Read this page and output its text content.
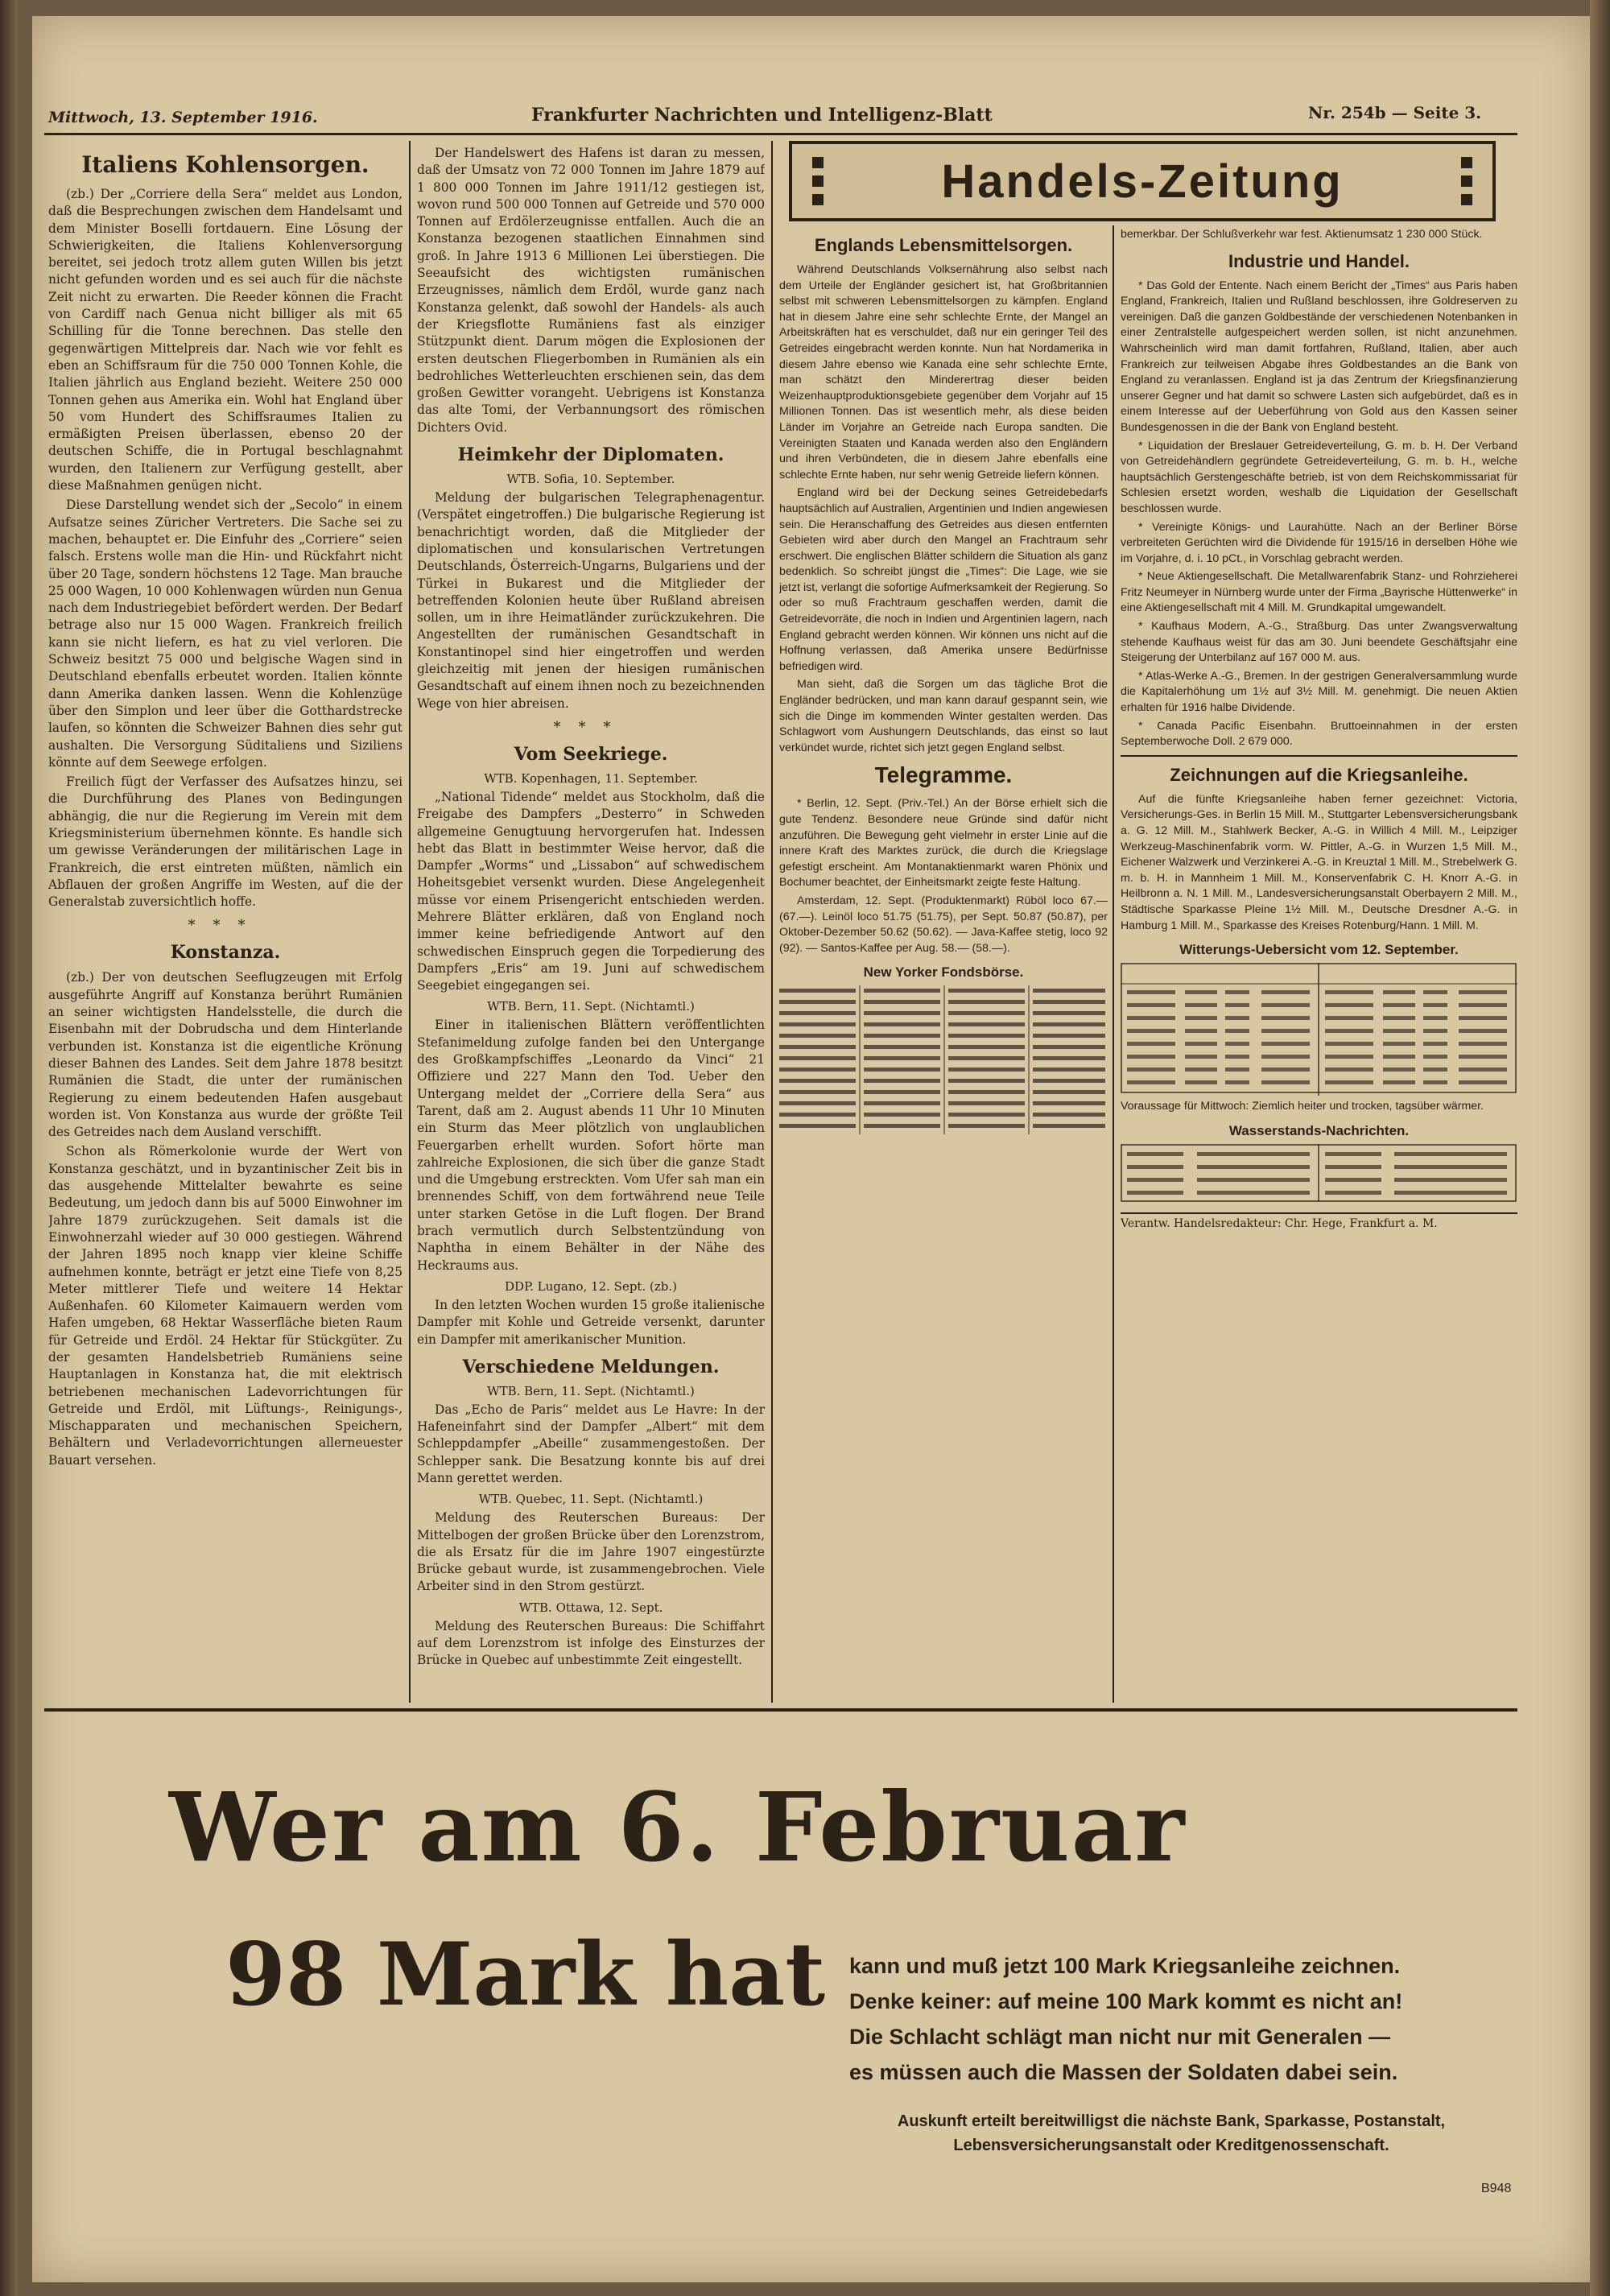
Mittwoch, 13. September 1916.	Frankfurter Nachrichten und Intelligenz-Blatt	Nr. 254b — Seite 3.
Italiens Kohlensorgen.

(zb.) Der „Corriere della Sera“ meldet aus London, daß die Besprechungen zwischen dem Handelsamt und dem Minister Boselli fortdauern. Eine Lösung der Schwierigkeiten, die Italiens Kohlenversorgung bereitet, sei jedoch trotz allem guten Willen bis jetzt nicht gefunden worden und es sei auch für die nächste Zeit nicht zu erwarten. Die Reeder können die Fracht von Cardiff nach Genua nicht billiger als mit 65 Schilling für die Tonne berechnen. Das stelle den gegenwärtigen Mittelpreis dar. Nach wie vor fehlt es eben an Schiffsraum für die 750 000 Tonnen Kohle, die Italien jährlich aus England bezieht. Weitere 250 000 Tonnen gehen aus Amerika ein. Wohl hat England über 50 vom Hundert des Schiffsraumes Italien zu ermäßigten Preisen überlassen, ebenso 20 der deutschen Schiffe, die in Portugal beschlagnahmt wurden, den Italienern zur Verfügung gestellt, aber diese Maßnahmen genügen nicht.

Diese Darstellung wendet sich der „Secolo“ in einem Aufsatze seines Züricher Vertreters. Die Sache sei zu machen, behauptet er. Die Einfuhr des „Corriere“ seien falsch. Erstens wolle man die Hin- und Rückfahrt nicht über 20 Tage, sondern höchstens 12 Tage. Man brauche 25 000 Wagen, 10 000 Kohlenwagen würden nun Genua nach dem Industriegebiet befördert werden. Der Bedarf betrage also nur 15 000 Wagen. Frankreich freilich kann sie nicht liefern, es hat zu viel verloren. Die Schweiz besitzt 75 000 und belgische Wagen sind in Deutschland ebenfalls erbeutet worden. Italien könnte dann Amerika danken lassen. Wenn die Kohlenzüge über den Simplon und leer über die Gotthardstrecke laufen, so könnten die Schweizer Bahnen dies sehr gut aushalten. Die Versorgung Süditaliens und Siziliens könnte auf dem Seewege erfolgen.

Freilich fügt der Verfasser des Aufsatzes hinzu, sei die Durchführung des Planes von Bedingungen abhängig, die nur die Regierung im Verein mit dem Kriegsministerium übernehmen könnte. Es handle sich um gewisse Veränderungen der militärischen Lage in Frankreich, die erst eintreten müßten, nämlich ein Abflauen der großen Angriffe im Westen, auf die der Generalstab zuversichtlich hoffe.

***
Konstanza.

(zb.) Der von deutschen Seeflugzeugen mit Erfolg ausgeführte Angriff auf Konstanza berührt Rumänien an seiner wichtigsten Handelsstelle, die durch die Eisenbahn mit der Dobrudscha und dem Hinterlande verbunden ist. Konstanza ist die eigentliche Krönung dieser Bahnen des Landes. Seit dem Jahre 1878 besitzt Rumänien die Stadt, die unter der rumänischen Regierung zu einem bedeutenden Hafen ausgebaut worden ist. Von Konstanza aus wurde der größte Teil des Getreides nach dem Ausland verschifft.

Schon als Römerkolonie wurde der Wert von Konstanza geschätzt, und in byzantinischer Zeit bis in das ausgehende Mittelalter bewahrte es seine Bedeutung, um jedoch dann bis auf 5000 Einwohner im Jahre 1879 zurückzugehen. Seit damals ist die Einwohnerzahl wieder auf 30 000 gestiegen. Während der Jahren 1895 noch knapp vier kleine Schiffe aufnehmen konnte, beträgt er jetzt eine Tiefe von 8,25 Meter mittlerer Tiefe und weitere 14 Hektar Außenhafen. 60 Kilometer Kaimauern werden vom Hafen umgeben, 68 Hektar Wasserfläche bieten Raum für Getreide und Erdöl. 24 Hektar für Stückgüter. Zu der gesamten Handelsbetrieb Rumäniens seine Hauptanlagen in Konstanza hat, die mit elektrisch betriebenen mechanischen Ladevorrichtungen für Getreide und Erdöl, mit Lüftungs-, Reinigungs-, Mischapparaten und mechanischen Speichern, Behältern und Verladevorrichtungen allerneuester Bauart versehen.

Der Handelswert des Hafens ist daran zu messen, daß der Umsatz von 72 000 Tonnen im Jahre 1879 auf 1 800 000 Tonnen im Jahre 1911/12 gestiegen ist, wovon rund 500 000 Tonnen auf Getreide und 570 000 Tonnen auf Erdölerzeugnisse entfallen. Auch die an Konstanza bezogenen staatlichen Einnahmen sind groß. In Jahre 1913 6 Millionen Lei überstiegen. Die Seeaufsicht des wichtigsten rumänischen Erzeugnisses, nämlich dem Erdöl, wurde ganz nach Konstanza gelenkt, daß sowohl der Handels- als auch der Kriegsflotte Rumäniens fast als einziger Stützpunkt dient. Darum mögen die Explosionen der ersten deutschen Fliegerbomben in Rumänien als ein bedrohliches Wetterleuchten erschienen sein, das dem großen Gewitter vorangeht. Uebrigens ist Konstanza das alte Tomi, der Verbannungsort des römischen Dichters Ovid.

Heimkehr der Diplomaten.
WTB. Sofia, 10. September.

Meldung der bulgarischen Telegraphenagentur. (Verspätet eingetroffen.) Die bulgarische Regierung ist benachrichtigt worden, daß die Mitglieder der diplomatischen und konsularischen Vertretungen Deutschlands, Österreich-Ungarns, Bulgariens und der Türkei in Bukarest und die Mitglieder der betreffenden Kolonien heute über Rußland abreisen sollen, um in ihre Heimatländer zurückzukehren. Die Angestellten der rumänischen Gesandtschaft in Konstantinopel sind hier eingetroffen und werden gleichzeitig mit jenen der hiesigen rumänischen Gesandtschaft auf einem ihnen noch zu bezeichnenden Wege von hier abreisen.

***
Vom Seekriege.
WTB. Kopenhagen, 11. September.

„National Tidende“ meldet aus Stockholm, daß die Freigabe des Dampfers „Desterro“ in Schweden allgemeine Genugtuung hervorgerufen hat. Indessen hebt das Blatt in bestimmter Weise hervor, daß die Dampfer „Worms“ und „Lissabon“ auf schwedischem Hoheitsgebiet versenkt wurden. Diese Angelegenheit müsse vor einem Prisengericht entschieden werden. Mehrere Blätter erklären, daß von England noch immer keine befriedigende Antwort auf den schwedischen Einspruch gegen die Torpedierung des Dampfers „Eris“ am 19. Juni auf schwedischem Seegebiet eingegangen sei.

WTB. Bern, 11. Sept. (Nichtamtl.)

Einer in italienischen Blättern veröffentlichten Stefanimeldung zufolge fanden bei den Untergange des Großkampfschiffes „Leonardo da Vinci“ 21 Offiziere und 227 Mann den Tod. Ueber den Untergang meldet der „Corriere della Sera“ aus Tarent, daß am 2. August abends 11 Uhr 10 Minuten ein Sturm das Meer plötzlich von unglaublichen Feuergarben erhellt wurden. Sofort hörte man zahlreiche Explosionen, die sich über die ganze Stadt und die Umgebung erstreckten. Vom Ufer sah man ein brennendes Schiff, von dem fortwährend neue Teile unter starken Getöse in die Luft flogen. Der Brand brach vermutlich durch Selbstentzündung von Naphtha in einem Behälter in der Nähe des Heckraums aus.

DDP. Lugano, 12. Sept. (zb.)

In den letzten Wochen wurden 15 große italienische Dampfer mit Kohle und Getreide versenkt, darunter ein Dampfer mit amerikanischer Munition.

Verschiedene Meldungen.
WTB. Bern, 11. Sept. (Nichtamtl.)

Das „Echo de Paris“ meldet aus Le Havre: In der Hafeneinfahrt sind der Dampfer „Albert“ mit dem Schleppdampfer „Abeille“ zusammengestoßen. Der Schlepper sank. Die Besatzung konnte bis auf drei Mann gerettet werden.

WTB. Quebec, 11. Sept. (Nichtamtl.)

Meldung des Reuterschen Bureaus: Der Mittelbogen der großen Brücke über den Lorenzstrom, die als Ersatz für die im Jahre 1907 eingestürzte Brücke gebaut wurde, ist zusammengebrochen. Viele Arbeiter sind in den Strom gestürzt.

WTB. Ottawa, 12. Sept.

Meldung des Reuterschen Bureaus: Die Schiffahrt auf dem Lorenzstrom ist infolge des Einsturzes der Brücke in Quebec auf unbestimmte Zeit eingestellt.

Handels-Zeitung
Englands Lebensmittelsorgen.

Während Deutschlands Volksernährung also selbst nach dem Urteile der Engländer gesichert ist, hat Großbritannien selbst mit schweren Lebensmittelsorgen zu kämpfen. England hat in diesem Jahre eine sehr schlechte Ernte, der Mangel an Arbeitskräften hat es verschuldet, daß nur ein geringer Teil des Getreides eingebracht werden konnte. Nun hat Nordamerika in diesem Jahre ebenso wie Kanada eine sehr schlechte Ernte, man schätzt den Minderertrag dieser beiden Weizenhauptproduktionsgebiete gegenüber dem Vorjahr auf 15 Millionen Tonnen. Das ist wesentlich mehr, als diese beiden Länder im Vorjahre an Getreide nach Europa sandten. Die Vereinigten Staaten und Kanada werden also den Engländern und ihren Verbündeten, die in diesem Jahre ebenfalls eine schlechte Ernte haben, nur sehr wenig Getreide liefern können.

England wird bei der Deckung seines Getreidebedarfs hauptsächlich auf Australien, Argentinien und Indien angewiesen sein. Die Heranschaffung des Getreides aus diesen entfernten Gebieten wird aber durch den Mangel an Frachtraum sehr erschwert. Die englischen Blätter schildern die Situation als ganz bedenklich. So schreibt jüngst die „Times“: Die Lage, wie sie jetzt ist, verlangt die sofortige Aufmerksamkeit der Regierung. So oder so muß Frachtraum geschaffen werden, damit die Getreidevorräte, die noch in Indien und Argentinien lagern, nach England gebracht werden können. Wir können uns nicht auf die Hoffnung verlassen, daß Amerika unsere Bedürfnisse befriedigen wird.

Man sieht, daß die Sorgen um das tägliche Brot die Engländer bedrücken, und man kann darauf gespannt sein, wie sich die Dinge im kommenden Winter gestalten werden. Das Schlagwort vom Aushungern Deutschlands, das einst so laut verkündet wurde, richtet sich jetzt gegen England selbst.

Telegramme.

* Berlin, 12. Sept. (Priv.-Tel.) An der Börse erhielt sich die gute Tendenz. Besondere neue Gründe sind dafür nicht anzuführen. Die Bewegung geht vielmehr in erster Linie auf die innere Kraft des Marktes zurück, die durch die Kriegslage gefestigt erscheint. Am Montanaktienmarkt waren Phönix und Bochumer beachtet, der Einheitsmarkt zeigte feste Haltung.

Amsterdam, 12. Sept. (Produktenmarkt) Rüböl loco 67.— (67.—). Leinöl loco 51.75 (51.75), per Sept. 50.87 (50.87), per Oktober-Dezember 50.62 (50.62). — Java-Kaffee stetig, loco 92 (92). — Santos-Kaffee per Aug. 58.— (58.—).

New Yorker Fondsbörse.

bemerkbar. Der Schlußverkehr war fest. Aktienumsatz 1 230 000 Stück.

Industrie und Handel.

* Das Gold der Entente. Nach einem Bericht der „Times“ aus Paris haben England, Frankreich, Italien und Rußland beschlossen, ihre Goldreserven zu vereinigen. Daß die ganzen Goldbestände der verschiedenen Notenbanken in einer Zentralstelle aufgespeichert werden sollen, ist nicht anzunehmen. Wahrscheinlich wird man damit fortfahren, Rußland, Italien, aber auch Frankreich zur teilweisen Abgabe ihres Goldbestandes an die Bank von England zu veranlassen. England ist ja das Zentrum der Kriegsfinanzierung unserer Gegner und hat damit so schwere Lasten sich aufgebürdet, daß es in einem Interesse auf der Ueberführung von Gold aus den Kassen seiner Bundesgenossen in die der Bank von England besteht.

* Liquidation der Breslauer Getreideverteilung, G. m. b. H. Der Verband von Getreidehändlern gegründete Getreideverteilung, G. m. b. H., welche hauptsächlich Gerstengeschäfte betrieb, ist von dem Reichskommissariat für Schlesien ersetzt worden, weshalb die Liquidation der Gesellschaft beschlossen wurde.

* Vereinigte Königs- und Laurahütte. Nach an der Berliner Börse verbreiteten Gerüchten wird die Dividende für 1915/16 in derselben Höhe wie im Vorjahre, d. i. 10 pCt., in Vorschlag gebracht werden.

* Neue Aktiengesellschaft. Die Metallwarenfabrik Stanz- und Rohrzieherei Fritz Neumeyer in Nürnberg wurde unter der Firma „Bayrische Hüttenwerke“ in eine Aktiengesellschaft mit 4 Mill. M. Grundkapital umgewandelt.

* Kaufhaus Modern, A.-G., Straßburg. Das unter Zwangsverwaltung stehende Kaufhaus weist für das am 30. Juni beendete Geschäftsjahr eine Steigerung der Unterbilanz auf 167 000 M. aus.

* Atlas-Werke A.-G., Bremen. In der gestrigen Generalversammlung wurde die Kapitalerhöhung um 1½ auf 3½ Mill. M. genehmigt. Die neuen Aktien erhalten für 1916 halbe Dividende.

* Canada Pacific Eisenbahn. Bruttoeinnahmen in der ersten Septemberwoche Doll. 2 679 000.

Zeichnungen auf die Kriegsanleihe.

Auf die fünfte Kriegsanleihe haben ferner gezeichnet: Victoria, Versicherungs-Ges. in Berlin 15 Mill. M., Stuttgarter Lebensversicherungsbank a. G. 12 Mill. M., Stahlwerk Becker, A.-G. in Willich 4 Mill. M., Leipziger Werkzeug-Maschinenfabrik vorm. W. Pittler, A.-G. in Wurzen 1,5 Mill. M., Eichener Walzwerk und Verzinkerei A.-G. in Kreuztal 1 Mill. M., Strebelwerk G. m. b. H. in Mannheim 1 Mill. M., Konservenfabrik C. H. Knorr A.-G. in Heilbronn a. N. 1 Mill. M., Landesversicherungsanstalt Oberbayern 2 Mill. M., Städtische Sparkasse Pleine 1½ Mill. M., Deutsche Dresdner A.-G. in Hamburg 1 Mill. M., Sparkasse des Kreises Rotenburg/Hann. 1 Mill. M.

Witterungs-Uebersicht vom 12. September.

Voraussage für Mittwoch: Ziemlich heiter und trocken, tagsüber wärmer.

Wasserstands-Nachrichten.
Verantw. Handelsredakteur: Chr. Hege, Frankfurt a. M.
Wer am 6. Februar
98 Mark hat kann und muß jetzt 100 Mark Kriegsanleihe zeichnen.
Denke keiner: auf meine 100 Mark kommt es nicht an!
Die Schlacht schlägt man nicht nur mit Generalen —
es müssen auch die Massen der Soldaten dabei sein.
Auskunft erteilt bereitwilligst die nächste Bank, Sparkasse, Postanstalt, Lebensversicherungsanstalt oder Kreditgenossenschaft.
B948
